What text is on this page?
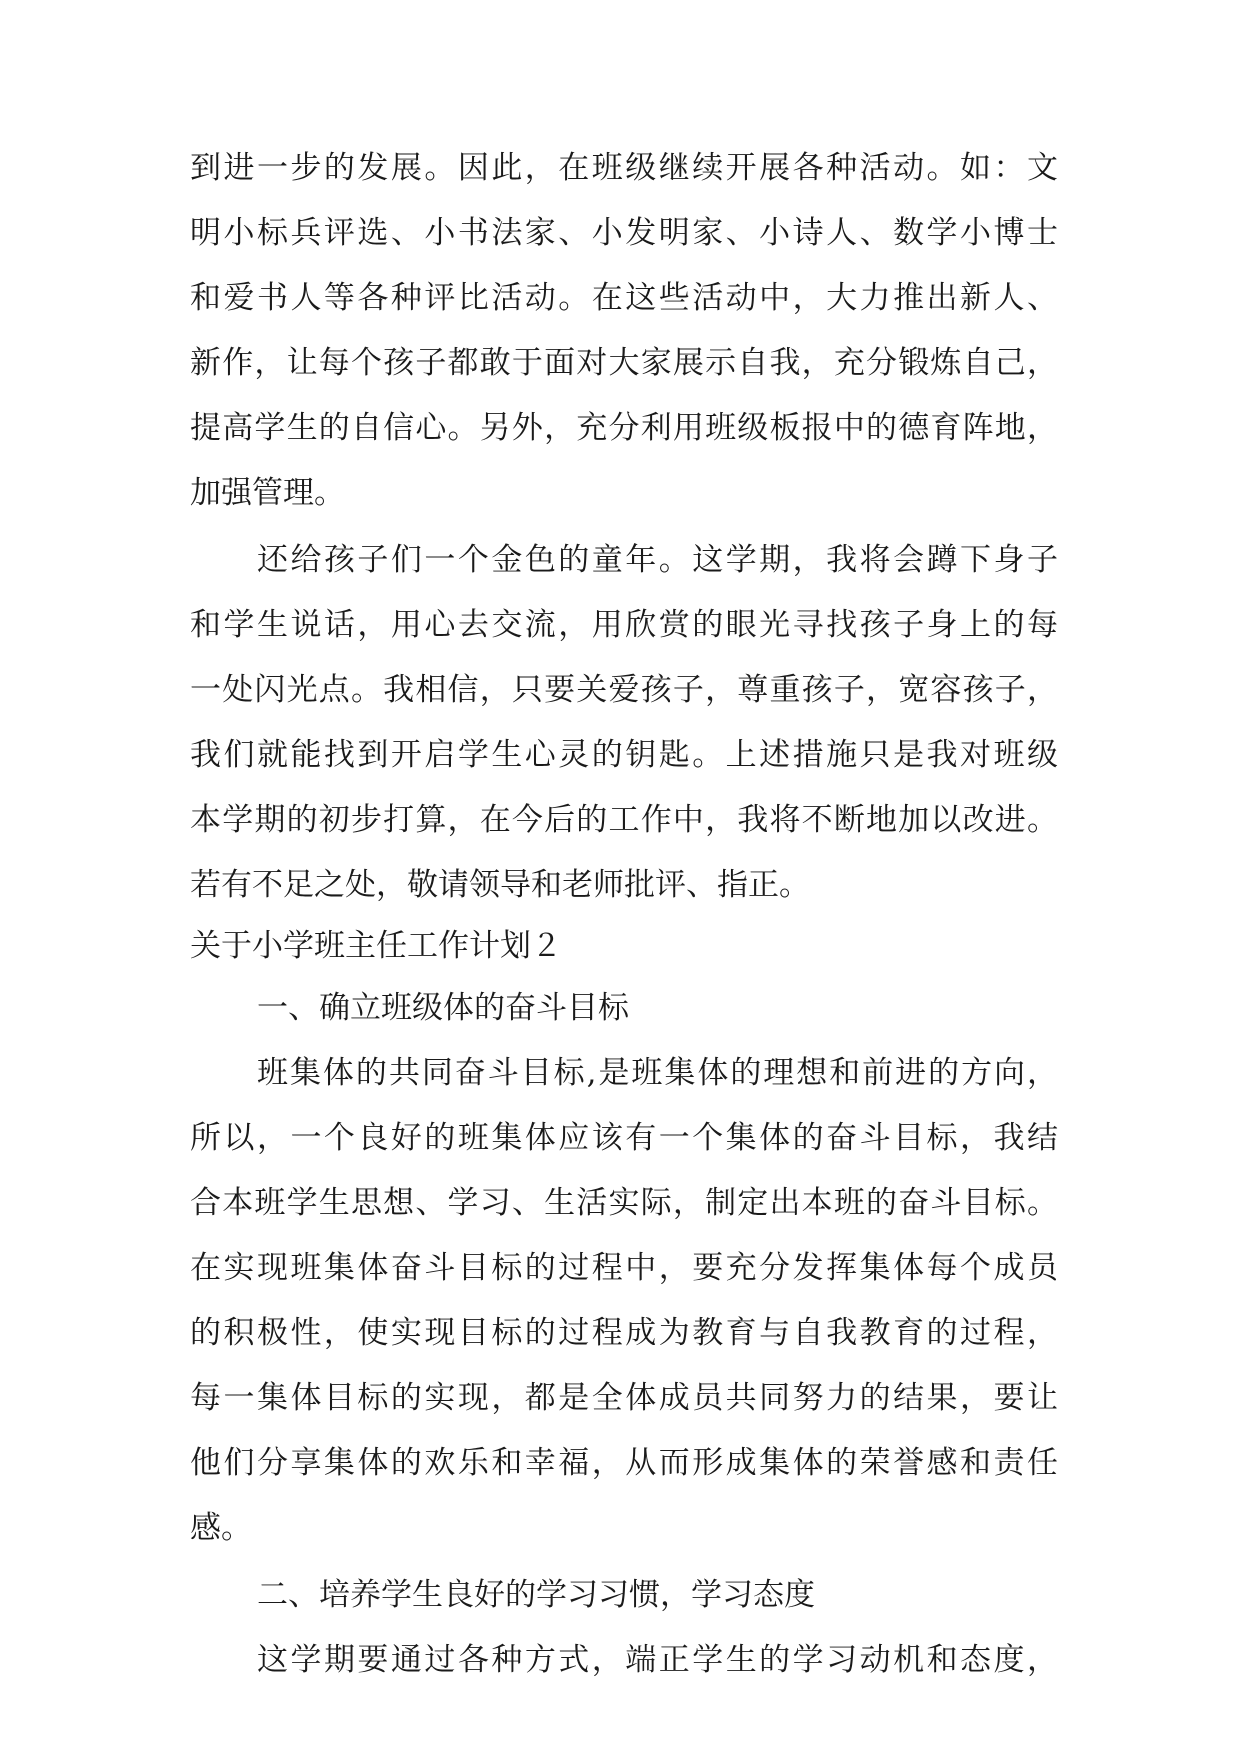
到进一步的发展。因此，在班级继续开展各种活动。如：文
明小标兵评选、小书法家、小发明家、小诗人、数学小博士
和爱书人等各种评比活动。在这些活动中，大力推出新人、
新作，让每个孩子都敢于面对大家展示自我，充分锻炼自己，
提高学生的自信心。另外，充分利用班级板报中的德育阵地，
加强管理。
还给孩子们一个金色的童年。这学期，我将会蹲下身子
和学生说话，用心去交流，用欣赏的眼光寻找孩子身上的每
一处闪光点。我相信，只要关爱孩子，尊重孩子，宽容孩子，
我们就能找到开启学生心灵的钥匙。上述措施只是我对班级
本学期的初步打算，在今后的工作中，我将不断地加以改进。
若有不足之处，敬请领导和老师批评、指正。
关于小学班主任工作计划２
一、确立班级体的奋斗目标
班集体的共同奋斗目标,是班集体的理想和前进的方向，
所以，一个良好的班集体应该有一个集体的奋斗目标，我结
合本班学生思想、学习、生活实际，制定出本班的奋斗目标。
在实现班集体奋斗目标的过程中，要充分发挥集体每个成员
的积极性，使实现目标的过程成为教育与自我教育的过程，
每一集体目标的实现，都是全体成员共同努力的结果，要让
他们分享集体的欢乐和幸福，从而形成集体的荣誉感和责任
感。
二、培养学生良好的学习习惯，学习态度
这学期要通过各种方式，端正学生的学习动机和态度，
